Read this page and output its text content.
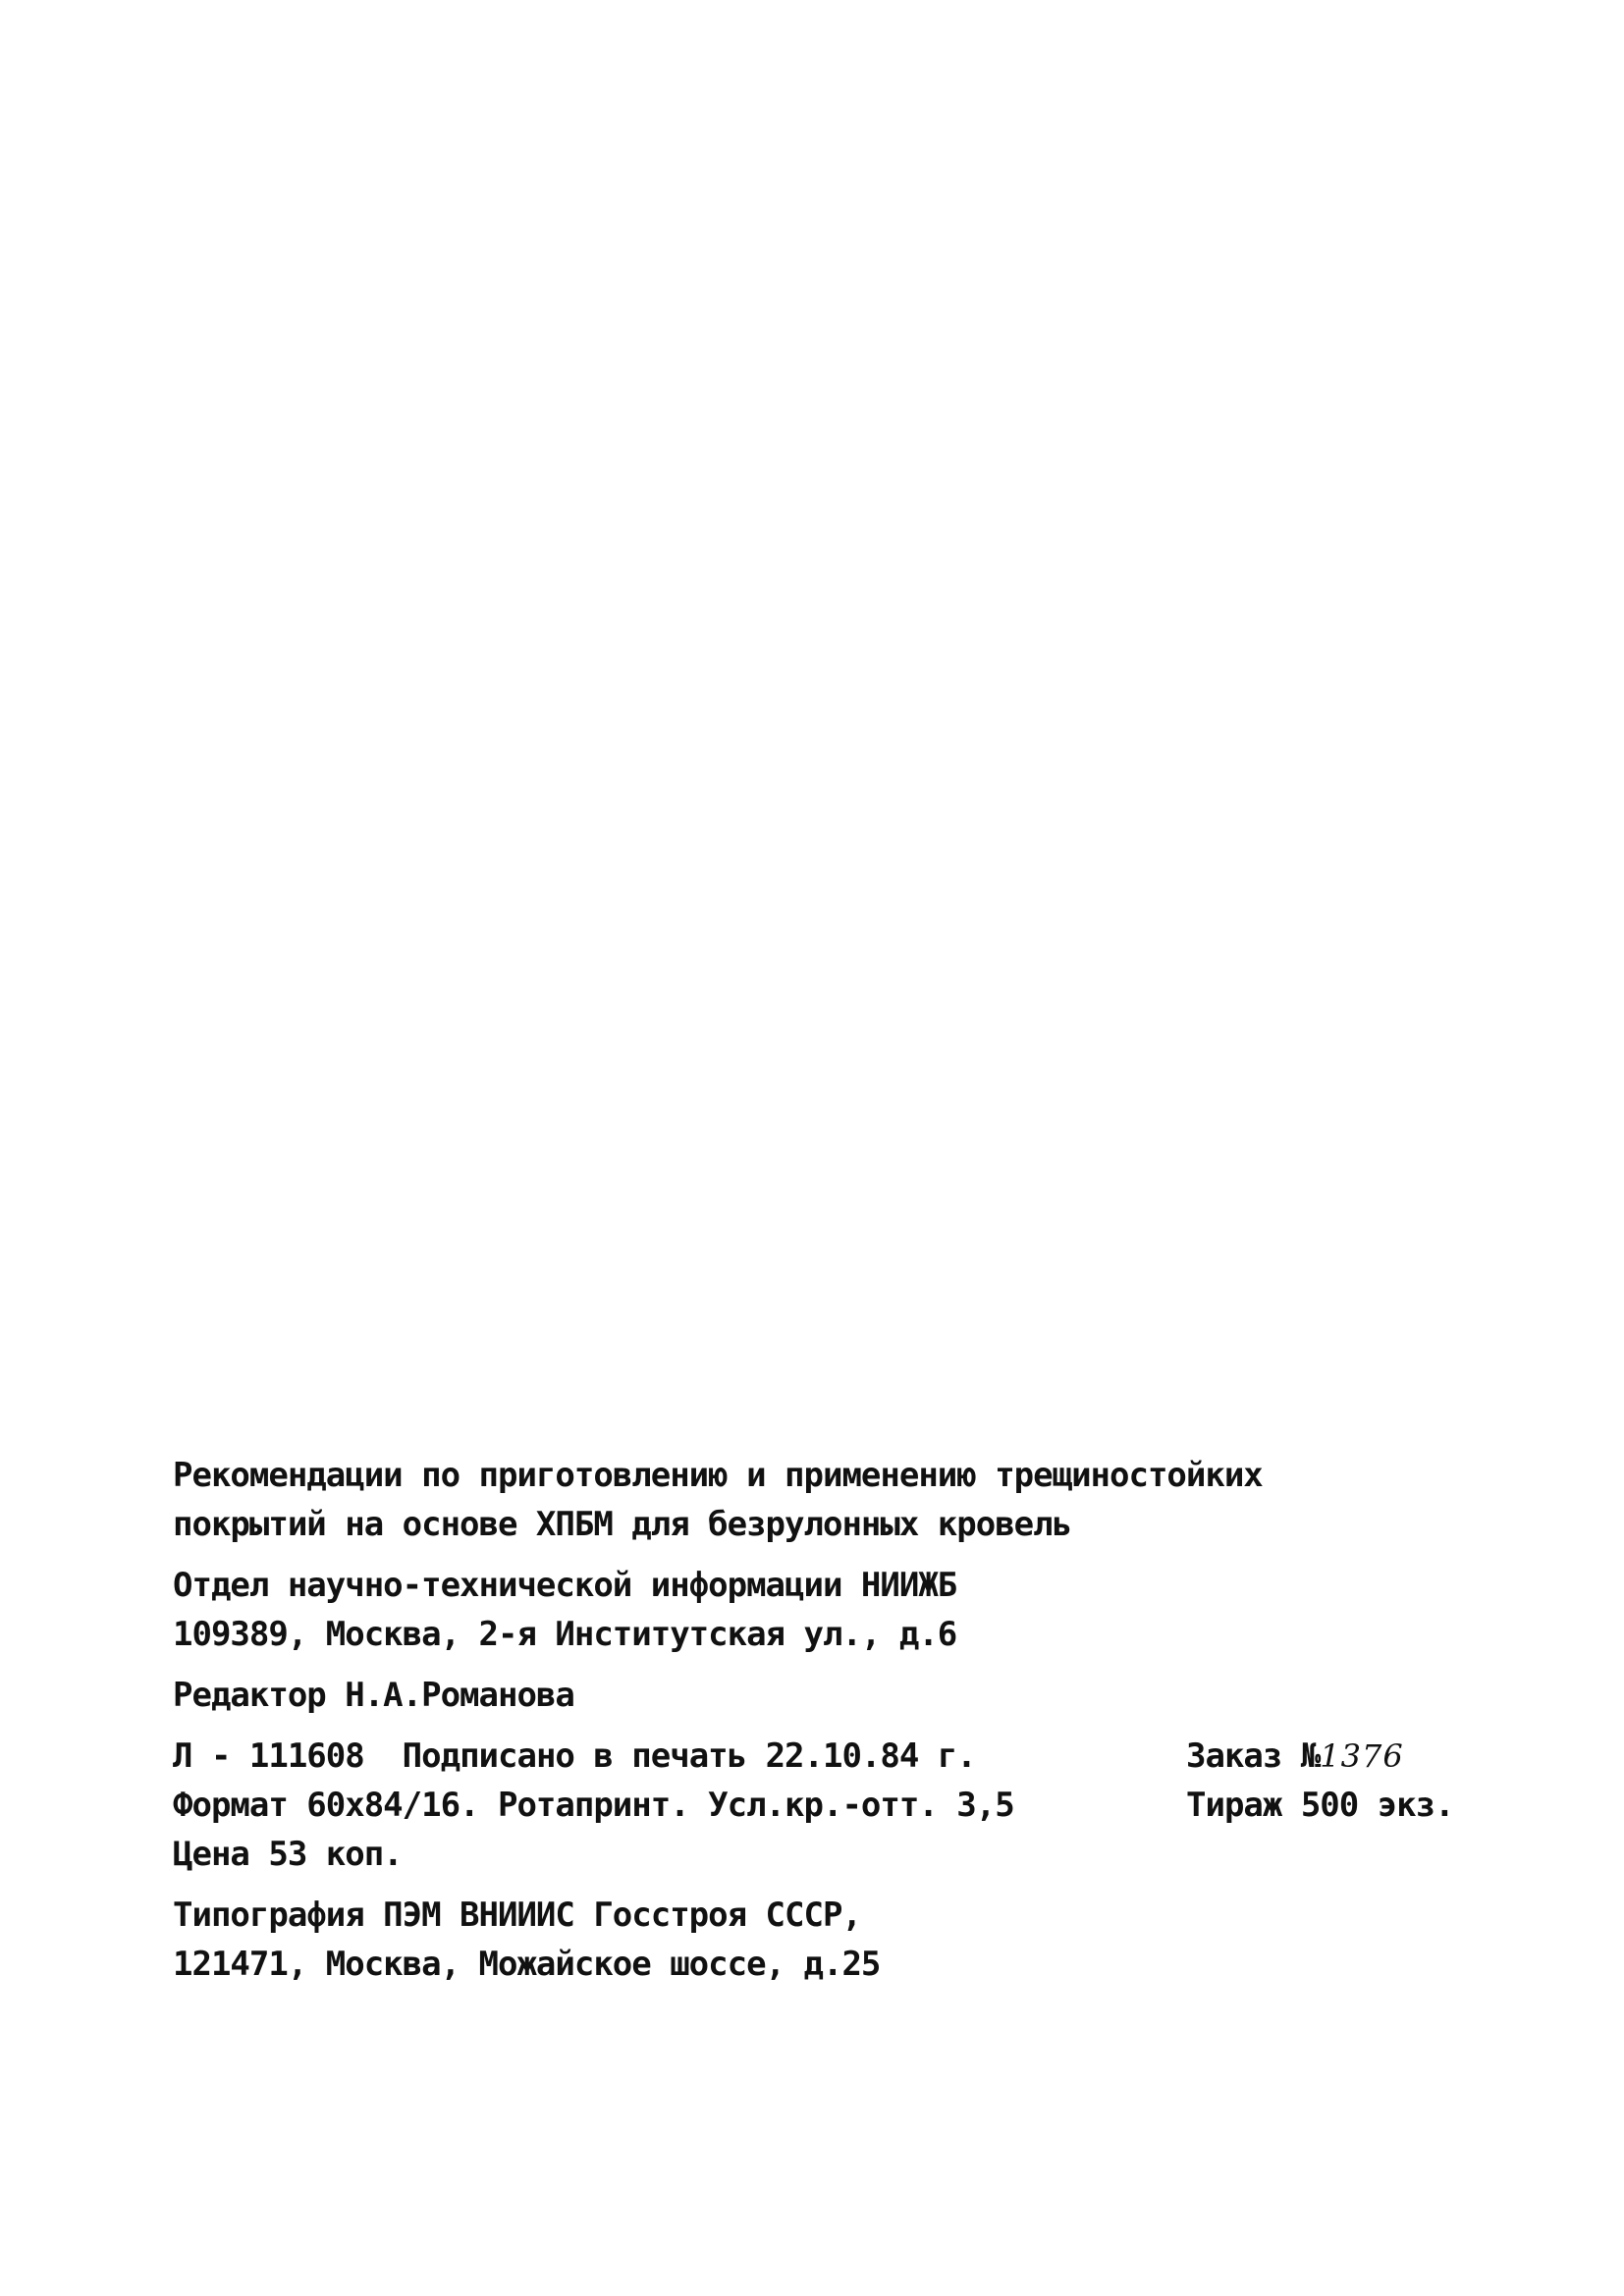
Рекомендации по приготовлению и применению трещиностойких
покрытий на основе ХПБМ для безрулонных кровель
Отдел научно-технической информации НИИЖБ
109389, Москва, 2-я Институтская ул., д.6
Редактор Н.А.Романова

Л - 111608 Подписано в печать 22.10.84 г.

	Заказ №1376

Формат 60x84/16. Ротапринт. Усл.кр.-отт. 3,5

	Тираж 500 экз.

Цена 53 коп.
Типография ПЭМ ВНИИИС Госстроя СССР,
121471, Москва, Можайское шоссе, д.25
